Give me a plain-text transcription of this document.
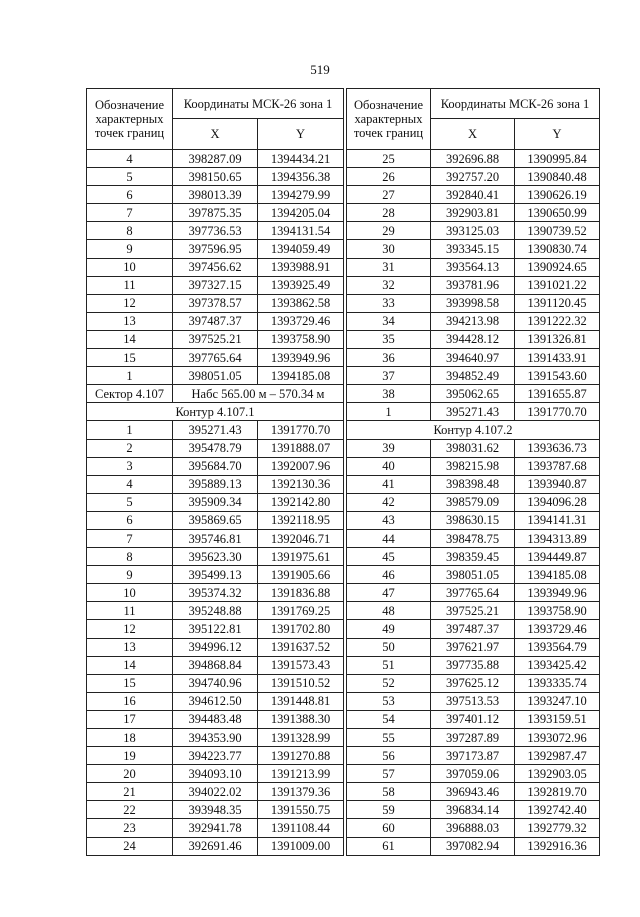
519
Обозначение характерных точек границ	Координаты МСК-26 зона 1	
	X	Y
4	398287.09	1394434.21
5	398150.65	1394356.38
6	398013.39	1394279.99
7	397875.35	1394205.04
8	397736.53	1394131.54
9	397596.95	1394059.49
10	397456.62	1393988.91
11	397327.15	1393925.49
12	397378.57	1393862.58
13	397487.37	1393729.46
14	397525.21	1393758.90
15	397765.64	1393949.96
1	398051.05	1394185.08
Сектор 4.107	Набс 565.00 м – 570.34 м	
Контур 4.107.1		
1	395271.43	1391770.70
2	395478.79	1391888.07
3	395684.70	1392007.96
4	395889.13	1392130.36
5	395909.34	1392142.80
6	395869.65	1392118.95
7	395746.81	1392046.71
8	395623.30	1391975.61
9	395499.13	1391905.66
10	395374.32	1391836.88
11	395248.88	1391769.25
12	395122.81	1391702.80
13	394996.12	1391637.52
14	394868.84	1391573.43
15	394740.96	1391510.52
16	394612.50	1391448.81
17	394483.48	1391388.30
18	394353.90	1391328.99
19	394223.77	1391270.88
20	394093.10	1391213.99
21	394022.02	1391379.36
22	393948.35	1391550.75
23	392941.78	1391108.44
24	392691.46	1391009.00
Обозначение характерных точек границ	Координаты МСК-26 зона 1	
	X	Y
25	392696.88	1390995.84
26	392757.20	1390840.48
27	392840.41	1390626.19
28	392903.81	1390650.99
29	393125.03	1390739.52
30	393345.15	1390830.74
31	393564.13	1390924.65
32	393781.96	1391021.22
33	393998.58	1391120.45
34	394213.98	1391222.32
35	394428.12	1391326.81
36	394640.97	1391433.91
37	394852.49	1391543.60
38	395062.65	1391655.87
1	395271.43	1391770.70
Контур 4.107.2		
39	398031.62	1393636.73
40	398215.98	1393787.68
41	398398.48	1393940.87
42	398579.09	1394096.28
43	398630.15	1394141.31
44	398478.75	1394313.89
45	398359.45	1394449.87
46	398051.05	1394185.08
47	397765.64	1393949.96
48	397525.21	1393758.90
49	397487.37	1393729.46
50	397621.97	1393564.79
51	397735.88	1393425.42
52	397625.12	1393335.74
53	397513.53	1393247.10
54	397401.12	1393159.51
55	397287.89	1393072.96
56	397173.87	1392987.47
57	397059.06	1392903.05
58	396943.46	1392819.70
59	396834.14	1392742.40
60	396888.03	1392779.32
61	397082.94	1392916.36
